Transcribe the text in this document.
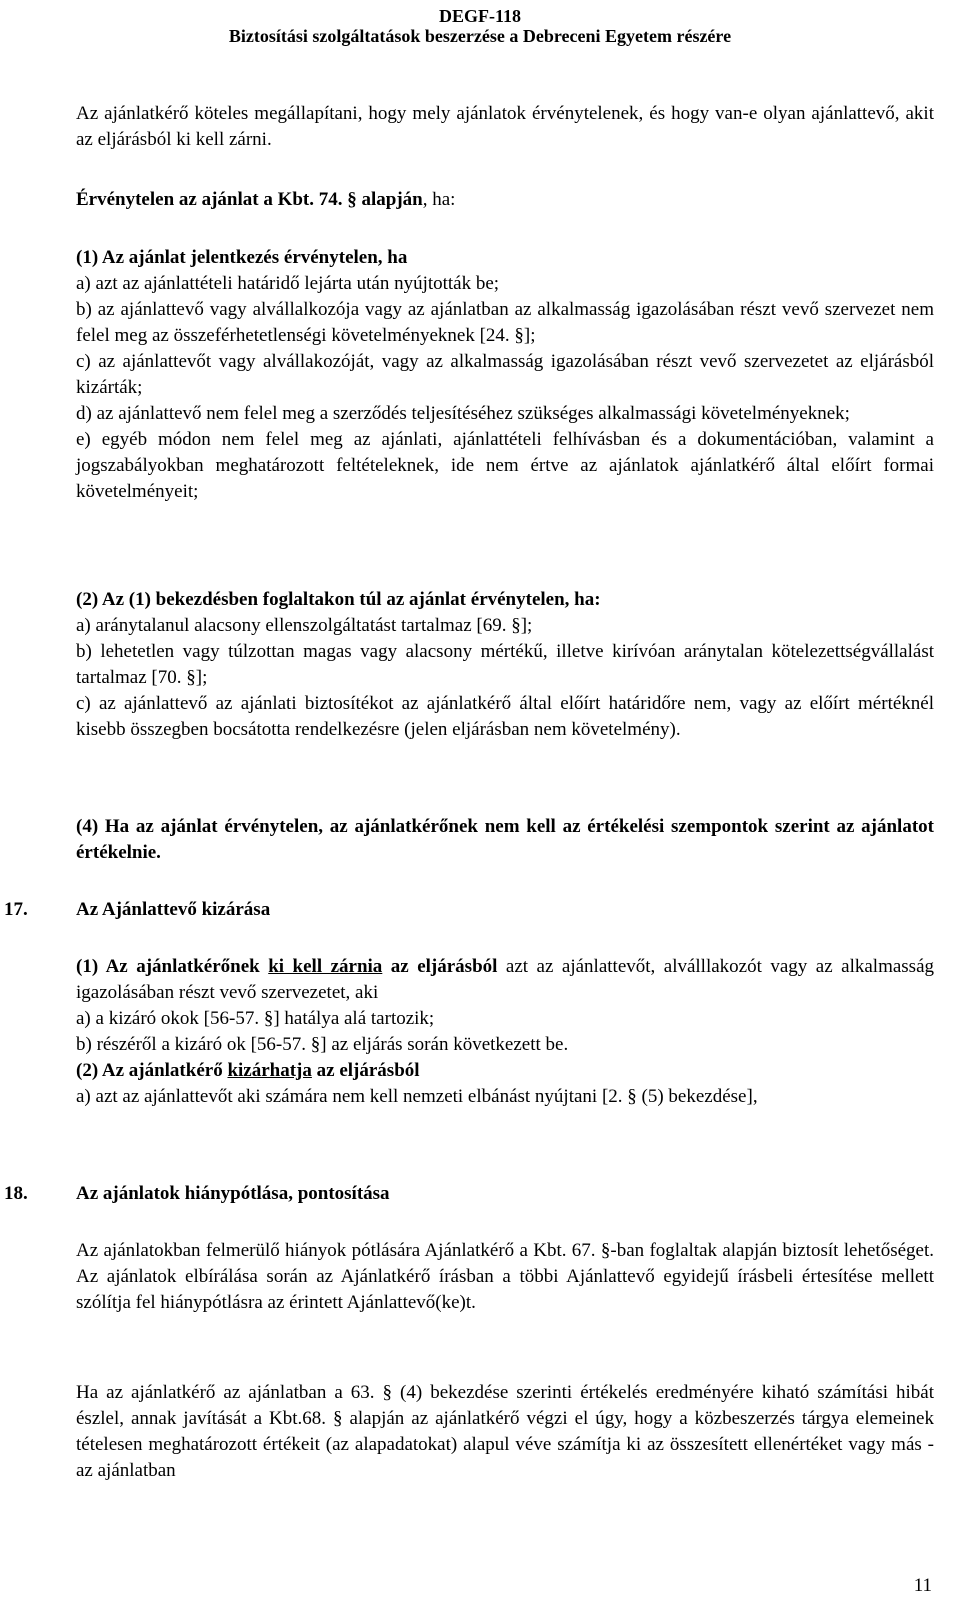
DEGF-118
Biztosítási szolgáltatások beszerzése a Debreceni Egyetem részére

Az ajánlatkérő köteles megállapítani, hogy mely ajánlatok érvénytelenek, és hogy van-e olyan ajánlattevő, akit az eljárásból ki kell zárni.

Érvénytelen az ajánlat a Kbt. 74. § alapján, ha:

(1) Az ajánlat jelentkezés érvénytelen, ha

a) azt az ajánlattételi határidő lejárta után nyújtották be;

b) az ajánlattevő vagy alvállalkozója vagy az ajánlatban az alkalmasság igazolásában részt vevő szervezet nem felel meg az összeférhetetlenségi követelményeknek [24. §];

c) az ajánlattevőt vagy alvállakozóját, vagy az alkalmasság igazolásában részt vevő szervezetet az eljárásból kizárták;

d) az ajánlattevő nem felel meg a szerződés teljesítéséhez szükséges alkalmassági követelményeknek;

e) egyéb módon nem felel meg az ajánlati, ajánlattételi felhívásban és a dokumentációban, valamint a jogszabályokban meghatározott feltételeknek, ide nem értve az ajánlatok ajánlatkérő által előírt formai követelményeit;

(2) Az (1) bekezdésben foglaltakon túl az ajánlat érvénytelen, ha:

a) aránytalanul alacsony ellenszolgáltatást tartalmaz [69. §];

b) lehetetlen vagy túlzottan magas vagy alacsony mértékű, illetve kirívóan aránytalan kötelezettségvállalást tartalmaz [70. §];

c) az ajánlattevő az ajánlati biztosítékot az ajánlatkérő által előírt határidőre nem, vagy az előírt mértéknél kisebb összegben bocsátotta rendelkezésre (jelen eljárásban nem követelmény).

(4) Ha az ajánlat érvénytelen, az ajánlatkérőnek nem kell az értékelési szempontok szerint az ajánlatot értékelnie.

17.	Az Ajánlattevő kizárása

(1) Az ajánlatkérőnek ki kell zárnia az eljárásból azt az ajánlattevőt, alválllakozót vagy az alkalmasság igazolásában részt vevő szervezetet, aki

a) a kizáró okok [56-57. §] hatálya alá tartozik;

b) részéről a kizáró ok [56-57. §] az eljárás során következett be.

(2) Az ajánlatkérő kizárhatja az eljárásból

a) azt az ajánlattevőt aki számára nem kell nemzeti elbánást nyújtani [2. § (5) bekezdése],

18.	Az ajánlatok hiánypótlása, pontosítása

Az ajánlatokban felmerülő hiányok pótlására Ajánlatkérő a Kbt. 67. §-ban foglaltak alapján biztosít lehetőséget. Az ajánlatok elbírálása során az Ajánlatkérő írásban a többi Ajánlattevő egyidejű írásbeli értesítése mellett szólítja fel hiánypótlásra az érintett Ajánlattevő(ke)t.

Ha az ajánlatkérő az ajánlatban a 63. § (4) bekezdése szerinti értékelés eredményére kiható számítási hibát észlel, annak javítását a Kbt.68. § alapján az ajánlatkérő végzi el úgy, hogy a közbeszerzés tárgya elemeinek tételesen meghatározott értékeit (az alapadatokat) alapul véve számítja ki az összesített ellenértéket vagy más - az ajánlatban

11
